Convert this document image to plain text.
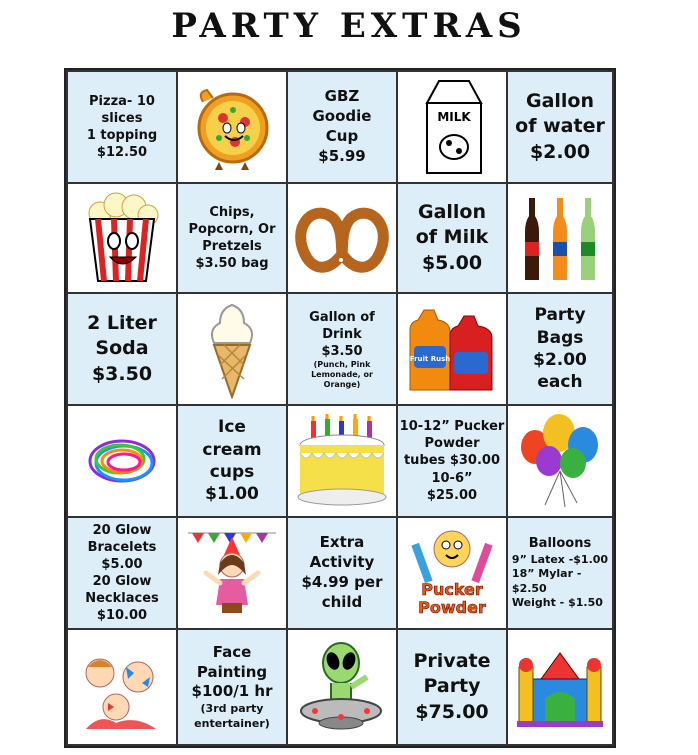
PARTY EXTRAS
Pizza- 10
slices
1 topping
$12.50
GBZ
Goodie
Cup
$5.99
MILK
Gallon
of water
$2.00
Chips,
Popcorn, Or
Pretzels
$3.50 bag
Gallon
of Milk
$5.00
2 Liter
Soda
$3.50
Gallon of
Drink
$3.50
(Punch, Pink
Lemonade, or
Orange)
Fruit Rush
Party
Bags
$2.00
each
Ice
cream
cups
$1.00
10-12” Pucker
Powder
tubes $30.00
10-6”
$25.00
20 Glow
Bracelets
$5.00
20 Glow
Necklaces
$10.00
Extra
Activity
$4.99 per
child
Pucker
Powder
Balloons
9” Latex -$1.00
18” Mylar -
$2.50
Weight - $1.50
Face
Painting
$100/1 hr
(3rd party
entertainer)
Private
Party
$75.00
